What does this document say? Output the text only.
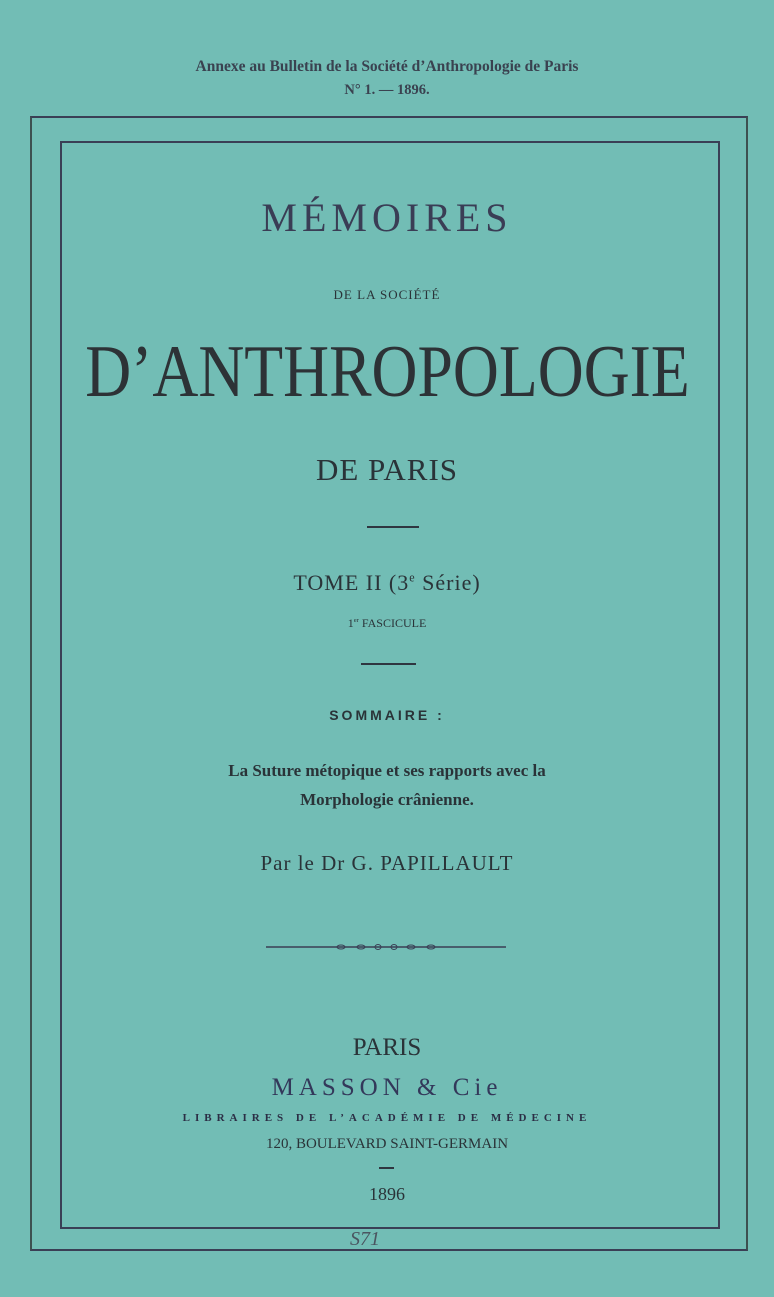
Annexe au Bulletin de la Société d’Anthropologie de Paris
N° 1. — 1896.
MÉMOIRES
DE LA SOCIÉTÉ
D’ANTHROPOLOGIE
DE PARIS
TOME II (3e Série)
1er FASCICULE
SOMMAIRE :
La Suture métopique et ses rapports avec la
Morphologie crânienne.
Par le Dr G. PAPILLAULT
PARIS
MASSON & Cie
LIBRAIRES DE L’ACADÉMIE DE MÉDECINE
120, BOULEVARD SAINT-GERMAIN
1896
S71
